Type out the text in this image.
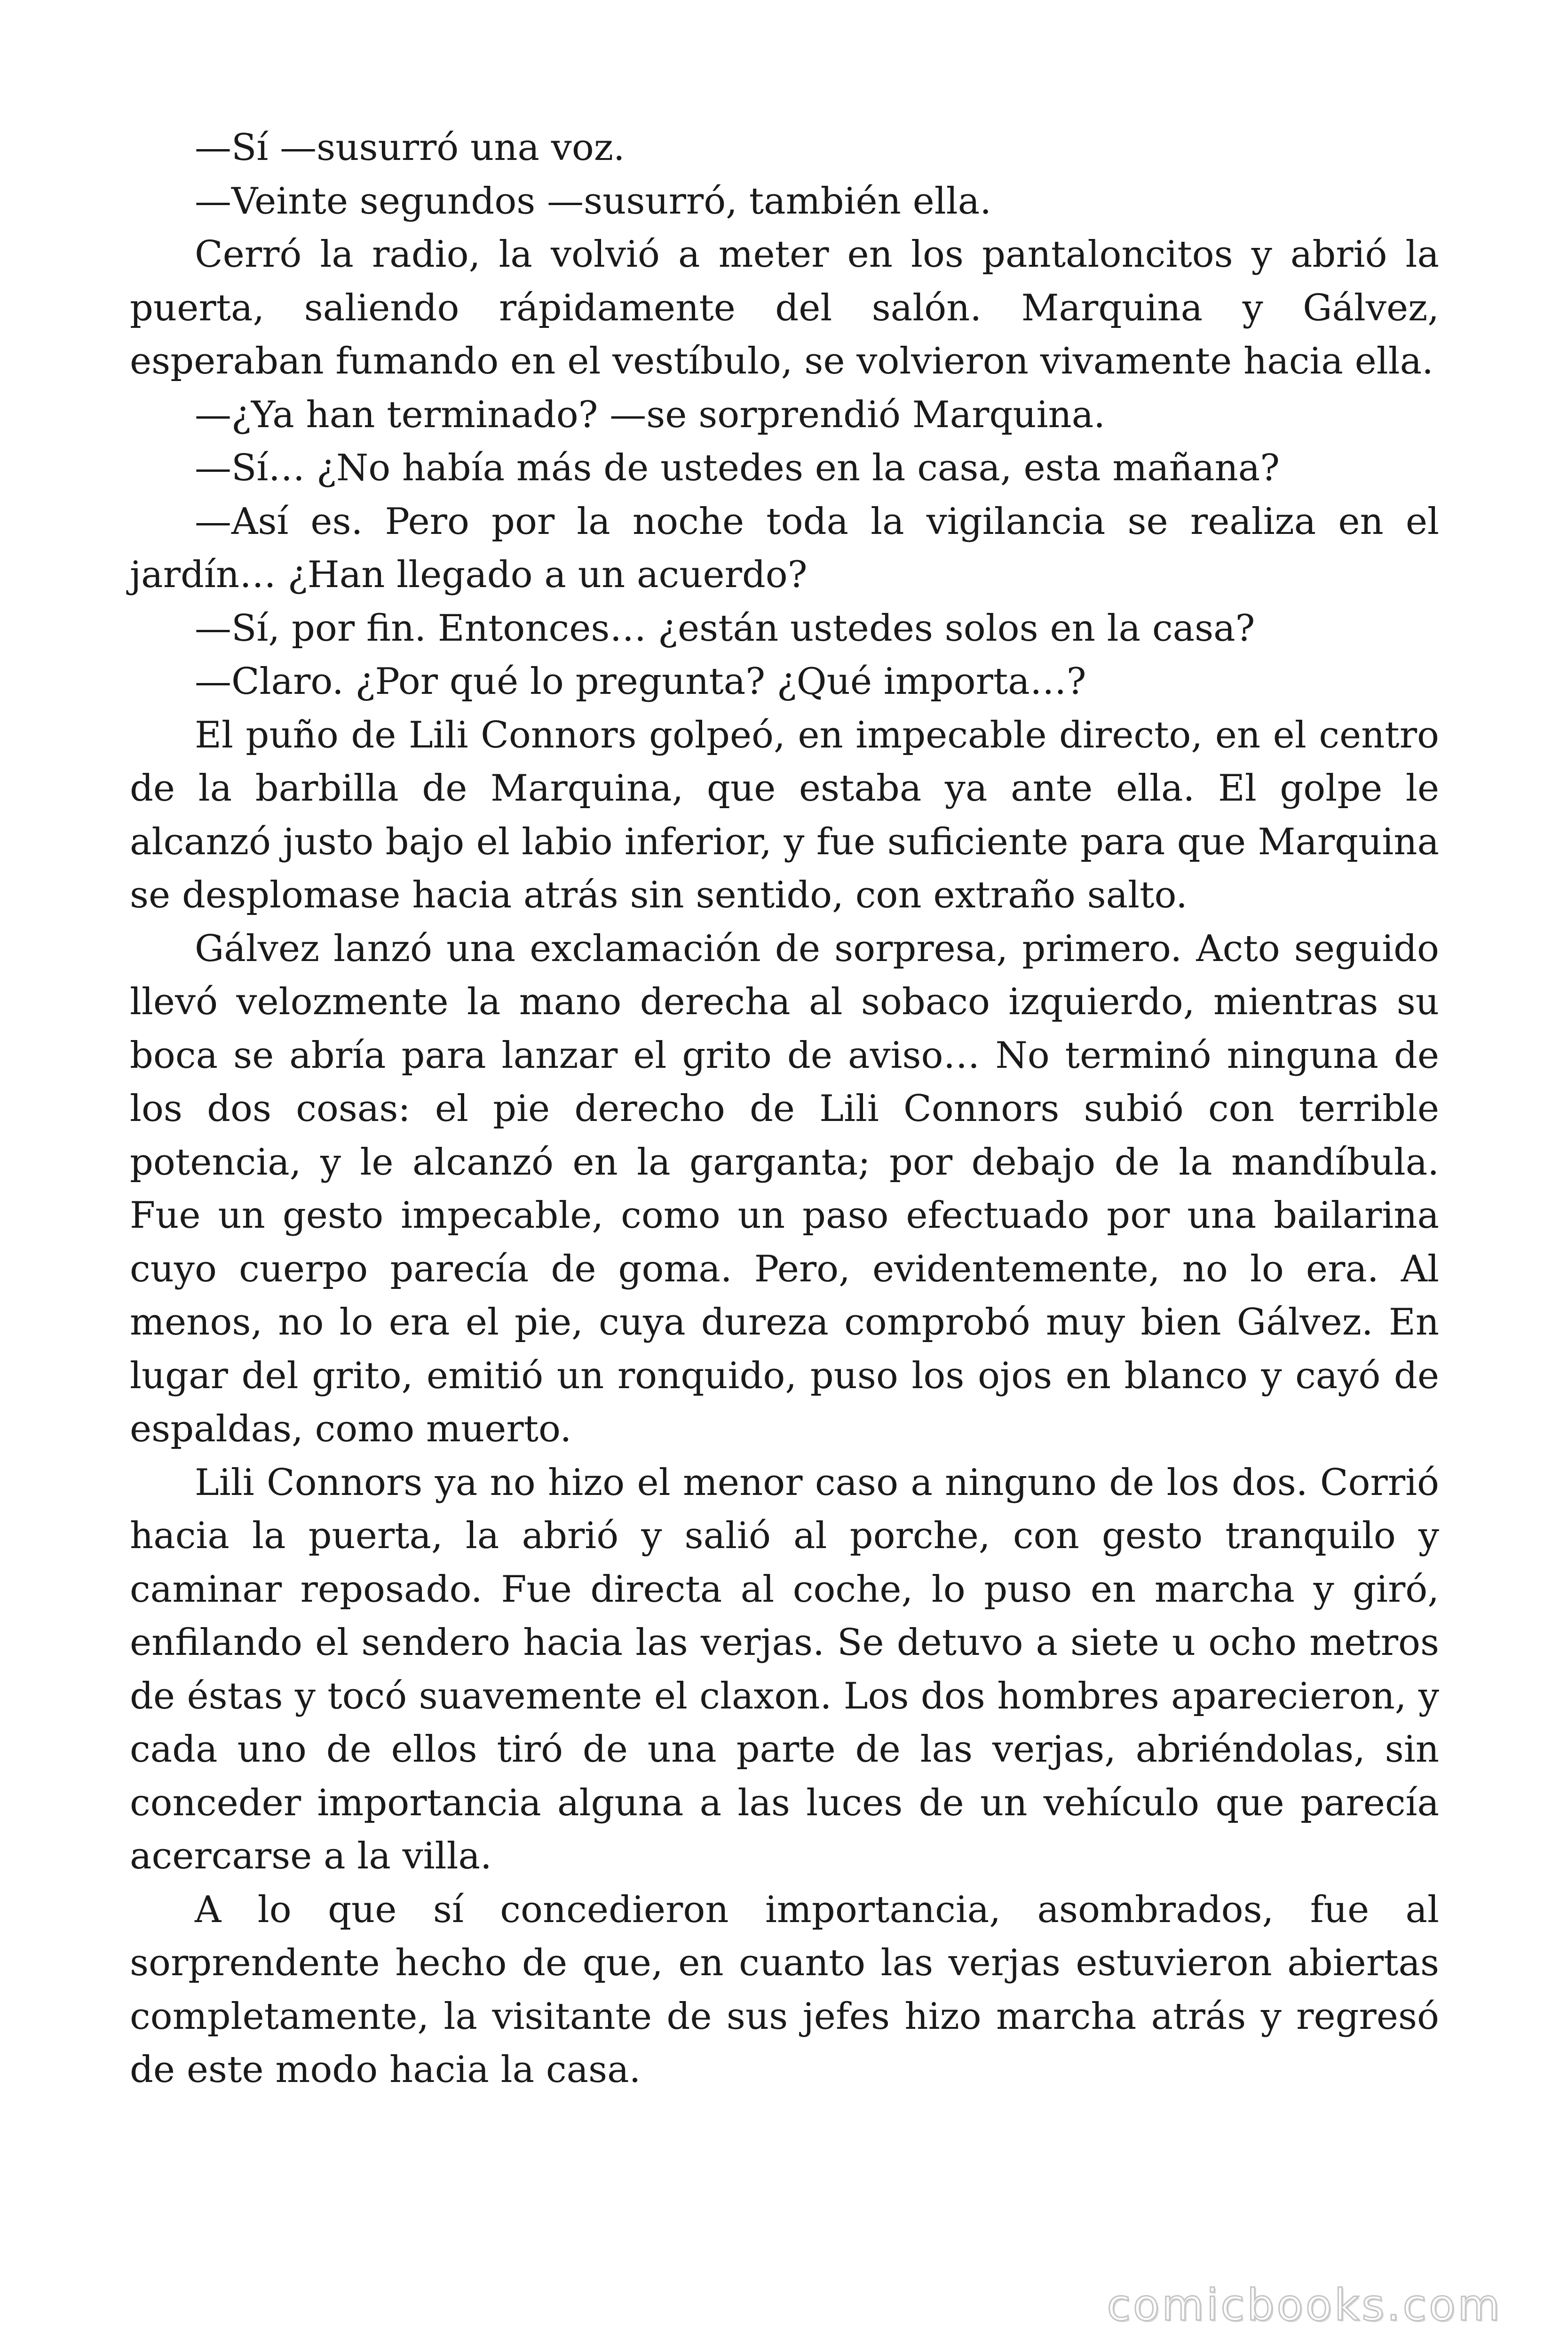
—Sí —susurró una voz.

—Veinte segundos —susurró, también ella.

Cerró la radio, la volvió a meter en los pantaloncitos y abrió la puerta, saliendo rápidamente del salón. Marquina y Gálvez, esperaban fumando en el vestíbulo, se volvieron vivamente hacia ella.

—¿Ya han terminado? —se sorprendió Marquina.

—Sí… ¿No había más de ustedes en la casa, esta mañana?

—Así es. Pero por la noche toda la vigilancia se realiza en el jardín… ¿Han llegado a un acuerdo?

—Sí, por fin. Entonces… ¿están ustedes solos en la casa?

—Claro. ¿Por qué lo pregunta? ¿Qué importa…?

El puño de Lili Connors golpeó, en impecable directo, en el centro de la barbilla de Marquina, que estaba ya ante ella. El golpe le alcanzó justo bajo el labio inferior, y fue suficiente para que Marquina se desplomase hacia atrás sin sentido, con extraño salto.

Gálvez lanzó una exclamación de sorpresa, primero. Acto seguido llevó velozmente la mano derecha al sobaco izquierdo, mientras su boca se abría para lanzar el grito de aviso… No terminó ninguna de los dos cosas: el pie derecho de Lili Connors subió con terrible potencia, y le alcanzó en la garganta; por debajo de la mandíbula. Fue un gesto impecable, como un paso efectuado por una bailarina cuyo cuerpo parecía de goma. Pero, evidentemente, no lo era. Al menos, no lo era el pie, cuya dureza comprobó muy bien Gálvez. En lugar del grito, emitió un ronquido, puso los ojos en blanco y cayó de espaldas, como muerto.

Lili Connors ya no hizo el menor caso a ninguno de los dos. Corrió hacia la puerta, la abrió y salió al porche, con gesto tranquilo y caminar reposado. Fue directa al coche, lo puso en marcha y giró, enfilando el sendero hacia las verjas. Se detuvo a siete u ocho metros de éstas y tocó suavemente el claxon. Los dos hombres aparecieron, y cada uno de ellos tiró de una parte de las verjas, abriéndolas, sin conceder importancia alguna a las luces de un vehículo que parecía acercarse a la villa.

A lo que sí concedieron importancia, asombrados, fue al sorprendente hecho de que, en cuanto las verjas estuvieron abiertas completamente, la visitante de sus jefes hizo marcha atrás y regresó de este modo hacia la casa.

comicbooks.com
